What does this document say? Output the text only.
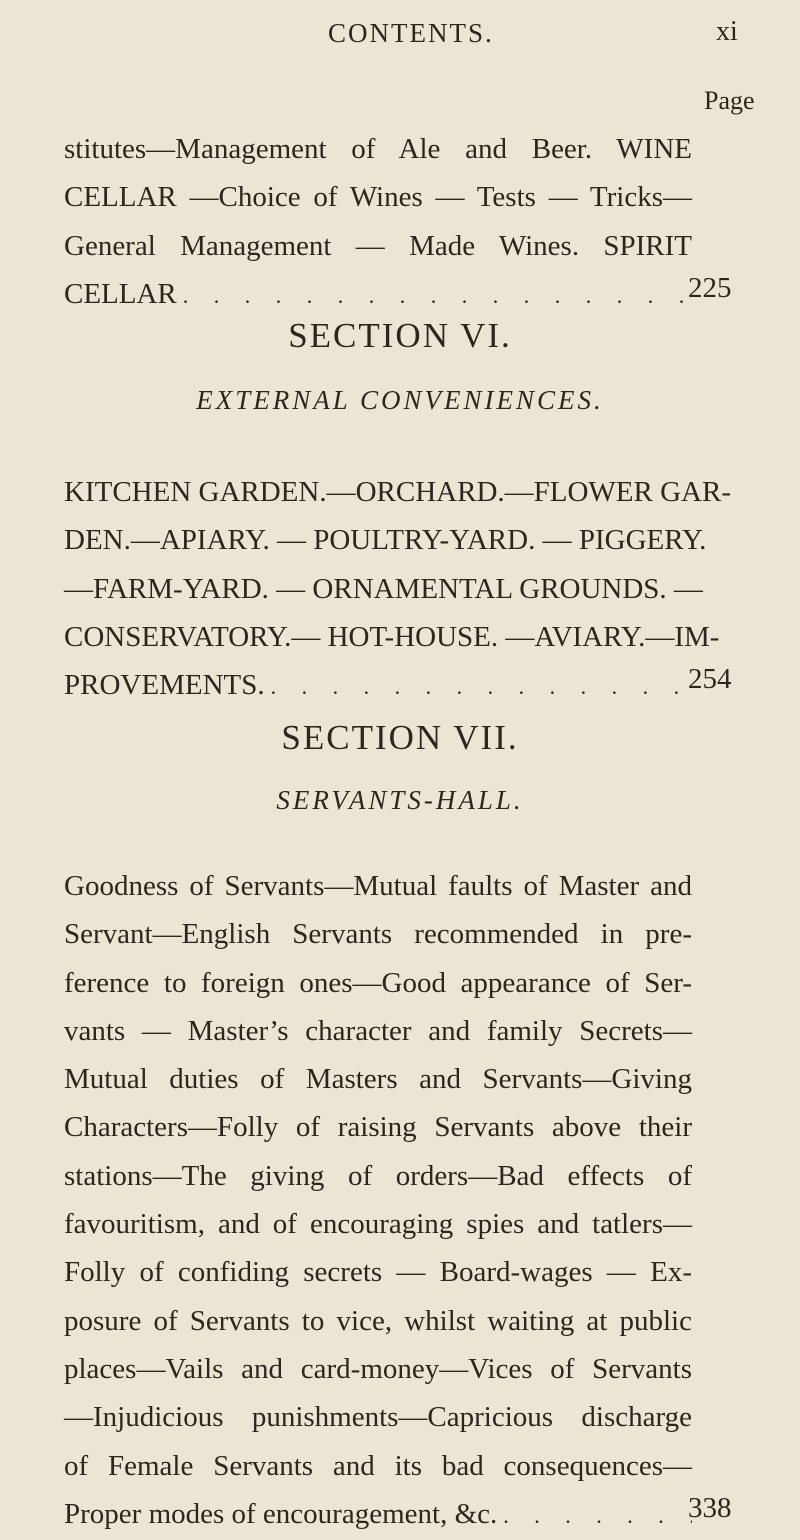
CONTENTS.	xi
Page
stitutes—Management of Ale and Beer. WINE
CELLAR —Choice of Wines — Tests — Tricks—
General Management — Made Wines. SPIRIT
CELLAR . . .	225
SECTION VI.
EXTERNAL CONVENIENCES.
KITCHEN GARDEN.—ORCHARD.—FLOWER GAR-
DEN.—APIARY. — POULTRY-YARD. — PIGGERY.
—FARM-YARD. — ORNAMENTAL GROUNDS. —
CONSERVATORY.— HOT-HOUSE. —AVIARY.—IM-
PROVEMENTS. . . .	254
SECTION VII.
SERVANTS-HALL.
Goodness of Servants—Mutual faults of Master and
Servant—English Servants recommended in pre-
ference to foreign ones—Good appearance of Ser-
vants — Master’s character and family Secrets—
Mutual duties of Masters and Servants—Giving
Characters—Folly of raising Servants above their
stations—The giving of orders—Bad effects of
favouritism, and of encouraging spies and tatlers—
Folly of confiding secrets — Board-wages — Ex-
posure of Servants to vice, whilst waiting at public
places—Vails and card-money—Vices of Servants
—Injudicious punishments—Capricious discharge
of Female Servants and its bad consequences—
Proper modes of encouragement, &c. . . .	338
